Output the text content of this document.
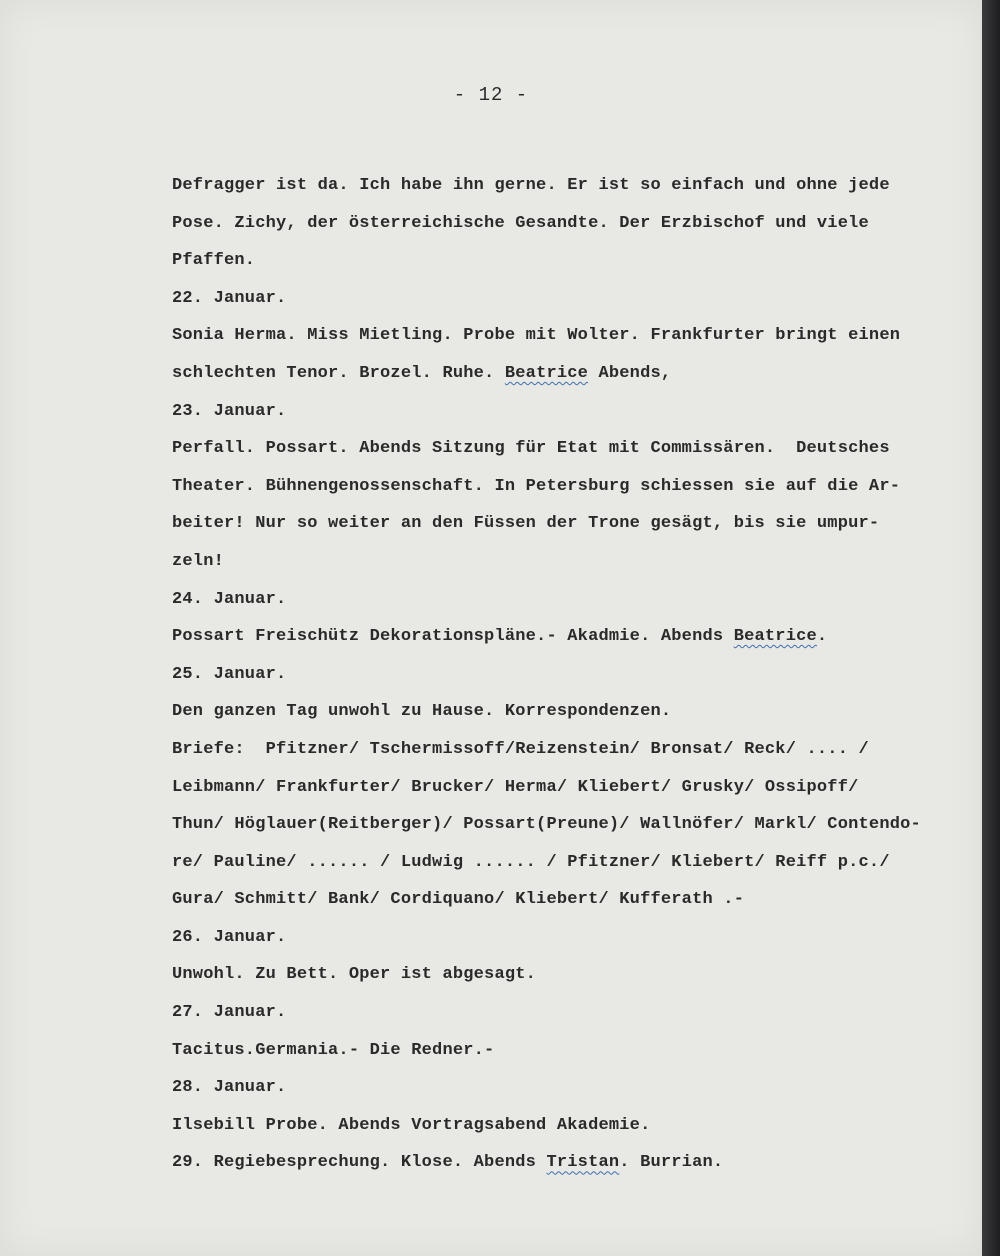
- 12 -
Defragger ist da. Ich habe ihn gerne. Er ist so einfach und ohne jede
Pose. Zichy, der österreichische Gesandte. Der Erzbischof und viele
Pfaffen.
22. Januar.
Sonia Herma. Miss Mietling. Probe mit Wolter. Frankfurter bringt einen
schlechten Tenor. Brozel. Ruhe. Beatrice Abends,
23. Januar.
Perfall. Possart. Abends Sitzung für Etat mit Commissären.  Deutsches
Theater. Bühnengenossenschaft. In Petersburg schiessen sie auf die Ar-
beiter! Nur so weiter an den Füssen der Trone gesägt, bis sie umpur-
zeln!
24. Januar.
Possart Freischütz Dekorationspläne.- Akadmie. Abends Beatrice.
25. Januar.
Den ganzen Tag unwohl zu Hause. Korrespondenzen.
Briefe:  Pfitzner/ Tschermissoff/Reizenstein/ Bronsat/ Reck/ .... /
Leibmann/ Frankfurter/ Brucker/ Herma/ Kliebert/ Grusky/ Ossipoff/
Thun/ Höglauer(Reitberger)/ Possart(Preune)/ Wallnöfer/ Markl/ Contendo-
re/ Pauline/ ...... / Ludwig ...... / Pfitzner/ Kliebert/ Reiff p.c./
Gura/ Schmitt/ Bank/ Cordiquano/ Kliebert/ Kufferath .-
26. Januar.
Unwohl. Zu Bett. Oper ist abgesagt.
27. Januar.
Tacitus.Germania.- Die Redner.-
28. Januar.
Ilsebill Probe. Abends Vortragsabend Akademie.
29. Regiebesprechung. Klose. Abends Tristan. Burrian.
